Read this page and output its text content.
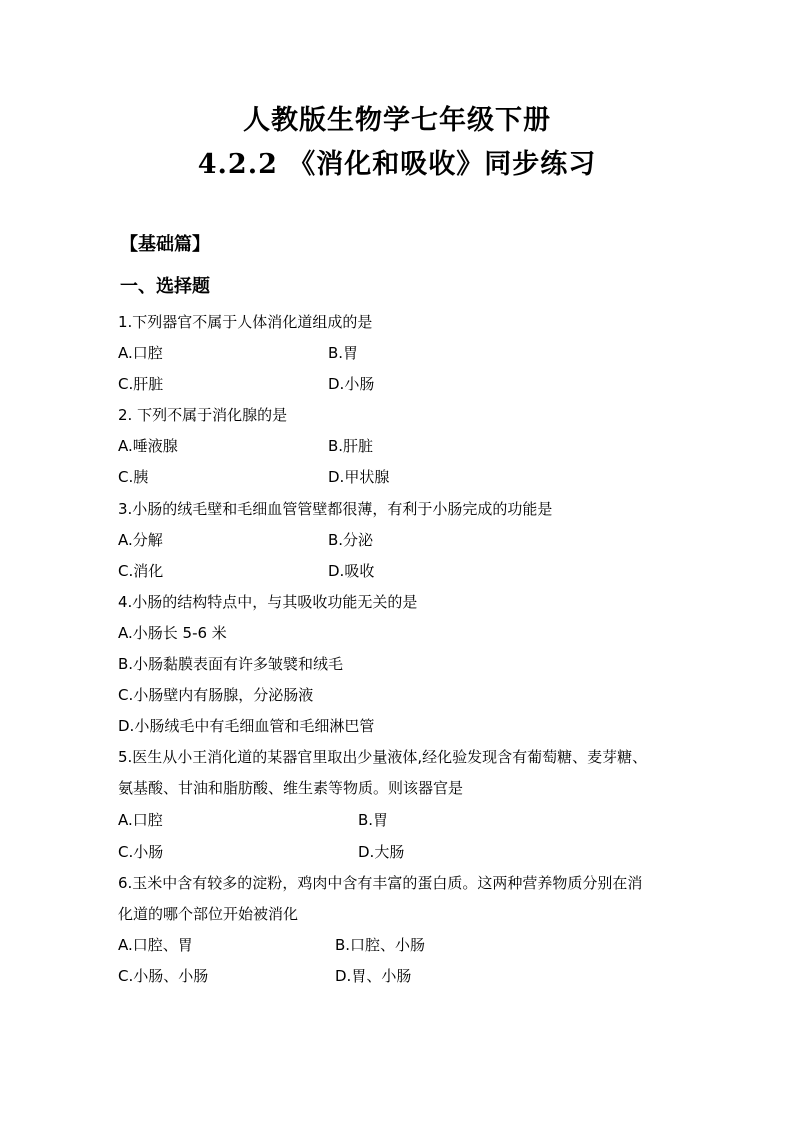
人教版生物学七年级下册
4.2.2 《消化和吸收》同步练习
【基础篇】
一、选择题
1.下列器官不属于人体消化道组成的是
A.口腔	B.胃
C.肝脏	D.小肠
2. 下列不属于消化腺的是
A.唾液腺	B.肝脏
C.胰	D.甲状腺
3.小肠的绒毛壁和毛细血管管壁都很薄，有利于小肠完成的功能是
A.分解	B.分泌
C.消化	D.吸收
4.小肠的结构特点中，与其吸收功能无关的是
A.小肠长 5-6 米
B.小肠黏膜表面有许多皱襞和绒毛
C.小肠壁内有肠腺，分泌肠液
D.小肠绒毛中有毛细血管和毛细淋巴管
5.医生从小王消化道的某器官里取出少量液体,经化验发现含有葡萄糖、麦芽糖、
氨基酸、甘油和脂肪酸、维生素等物质。则该器官是
A.口腔	B.胃
C.小肠	D.大肠
6.玉米中含有较多的淀粉，鸡肉中含有丰富的蛋白质。这两种营养物质分别在消
化道的哪个部位开始被消化
A.口腔、胃	B.口腔、小肠
C.小肠、小肠	D.胃、小肠
